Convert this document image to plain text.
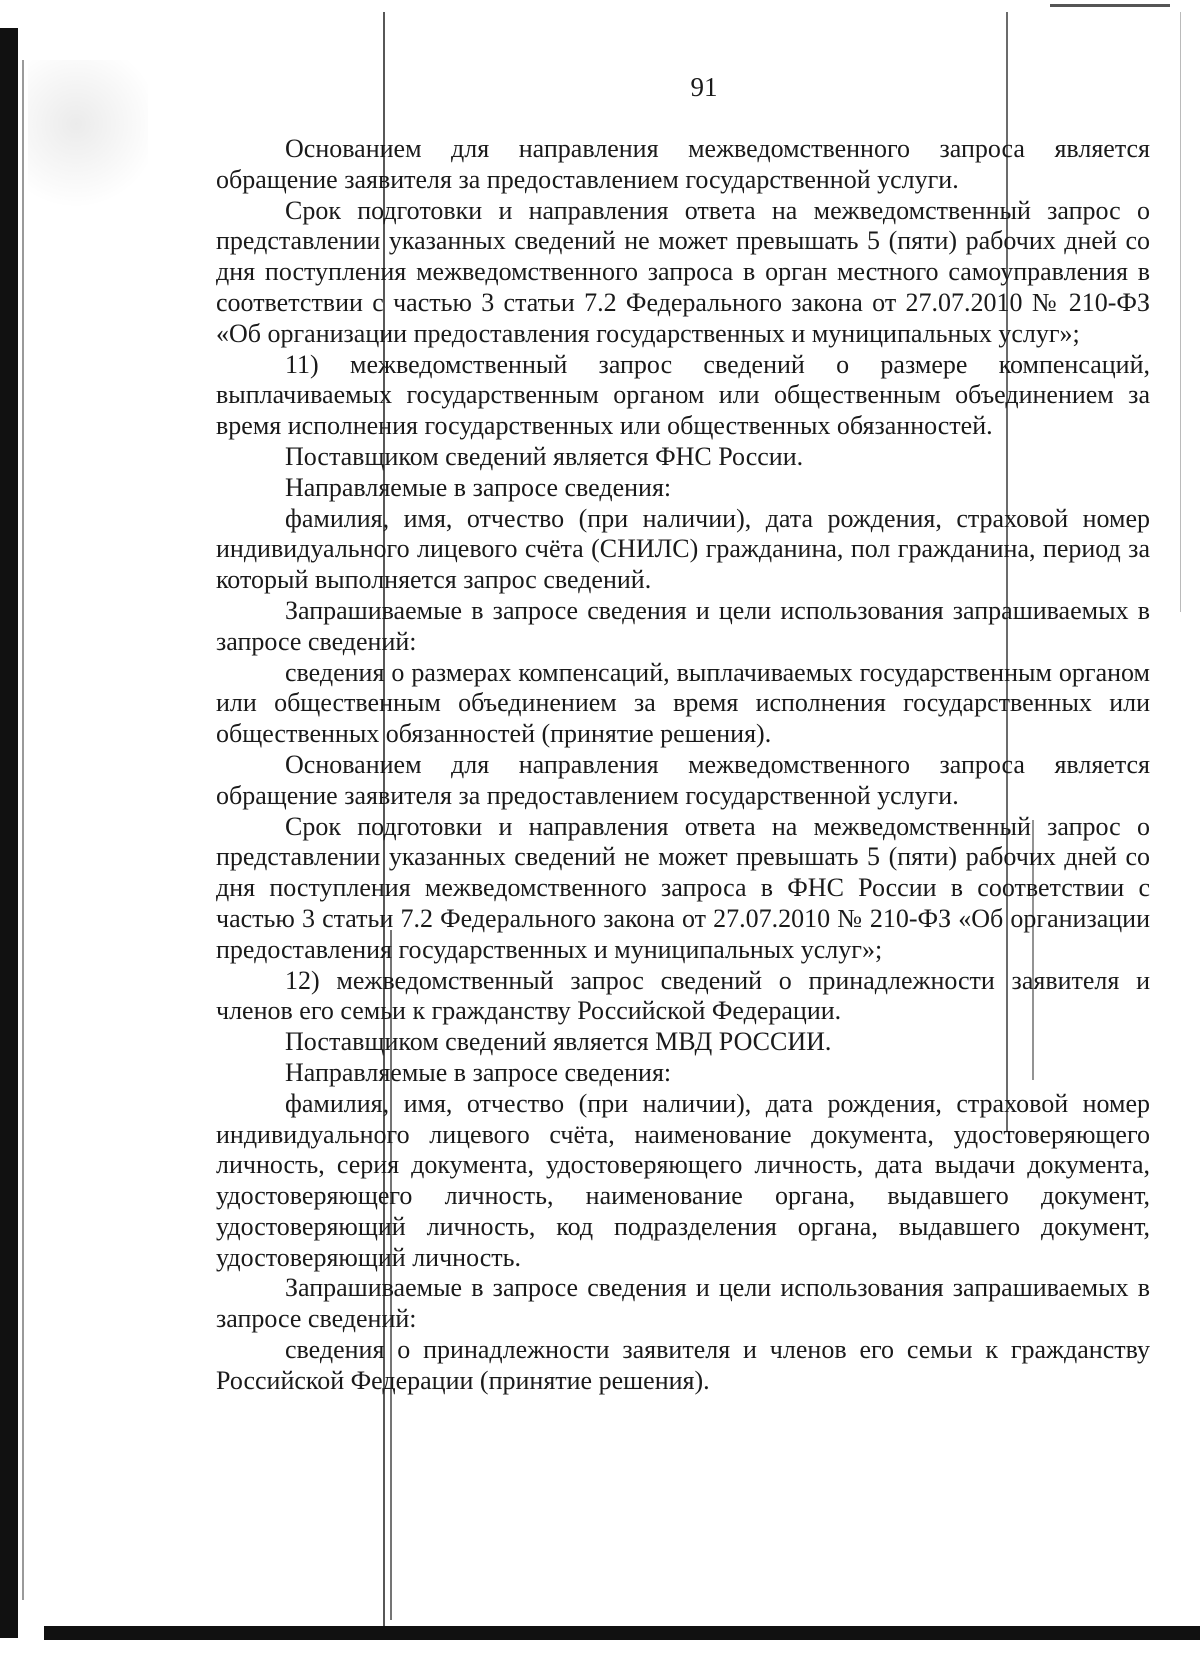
91

Основанием для направления межведомственного запроса является обращение заявителя за предоставлением государственной услуги.

Срок подготовки и направления ответа на межведомственный запрос о представлении указанных сведений не может превышать 5 (пяти) рабочих дней со дня поступления межведомственного запроса в орган местного самоуправления в соответствии с частью 3 статьи 7.2 Федерального закона от 27.07.2010 № 210-ФЗ «Об организации предоставления государственных и муниципальных услуг»;

11) межведомственный запрос сведений о размере компенсаций, выплачиваемых государственным органом или общественным объединением за время исполнения государственных или общественных обязанностей.

Поставщиком сведений является ФНС России.

Направляемые в запросе сведения:

фамилия, имя, отчество (при наличии), дата рождения, страховой номер индивидуального лицевого счёта (СНИЛС) гражданина, пол гражданина, период за который выполняется запрос сведений.

Запрашиваемые в запросе сведения и цели использования запрашиваемых в запросе сведений:

сведения о размерах компенсаций, выплачиваемых государственным органом или общественным объединением за время исполнения государственных или общественных обязанностей (принятие решения).

Основанием для направления межведомственного запроса является обращение заявителя за предоставлением государственной услуги.

Срок подготовки и направления ответа на межведомственный запрос о представлении указанных сведений не может превышать 5 (пяти) рабочих дней со дня поступления межведомственного запроса в ФНС России в соответствии с частью 3 статьи 7.2 Федерального закона от 27.07.2010 № 210-ФЗ «Об организации предоставления государственных и муниципальных услуг»;

12) межведомственный запрос сведений о принадлежности заявителя и членов его семьи к гражданству Российской Федерации.

Поставщиком сведений является МВД РОССИИ.

Направляемые в запросе сведения:

фамилия, имя, отчество (при наличии), дата рождения, страховой номер индивидуального лицевого счёта, наименование документа, удостоверяющего личность, серия документа, удостоверяющего личность, дата выдачи документа, удостоверяющего личность, наименование органа, выдавшего документ, удостоверяющий личность, код подразделения органа, выдавшего документ, удостоверяющий личность.

Запрашиваемые в запросе сведения и цели использования запрашиваемых в запросе сведений:

сведения о принадлежности заявителя и членов его семьи к гражданству Российской Федерации (принятие решения).
